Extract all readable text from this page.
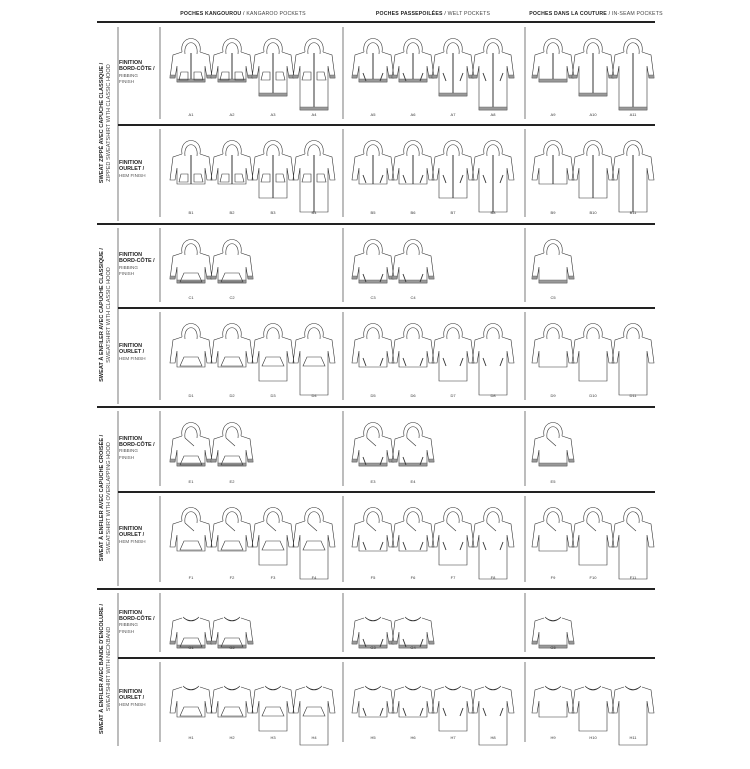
POCHES KANGOUROU / KANGAROO POCKETS	POCHES PASSEPOILÉES / WELT POCKETS	POCHES DANS LA COUTURE / IN-SEAM POCKETS
SWEAT ZIPPÉ AVEC CAPUCHE CLASSIQUE / ZIPPED SWEATSHIRT WITH CLASSIC HOOD
FINITION
BORD-CÔTE /
RIBBING
FINISH
A1	A2	A3	A4	A5	A6	A7	A8	A9	A10	A11
FINITION
OURLET /
HEM FINISH
B1	B2	B3	B4	B5	B6	B7	B8	B9	B10	B11
SWEAT À ENFILER AVEC CAPUCHE CLASSIQUE / SWEATSHIRT WITH CLASSIC HOOD
FINITION
BORD-CÔTE /
RIBBING
FINISH
C1	C2	C3	C4	C5
FINITION
OURLET /
HEM FINISH
D1	D2	D3	D4	D5	D6	D7	D8	D9	D10	D11
SWEAT À ENFILER AVEC CAPUCHE CROISÉE / SWEATSHIRT WITH OVERLAPPING HOOD
FINITION
BORD-CÔTE /
RIBBING
FINISH
E1	E2	E3	E4	E5
FINITION
OURLET /
HEM FINISH
F1	F2	F3	F4	F5	F6	F7	F8	F9	F10	F11
SWEAT À ENFILER AVEC BANDE D'ENCOLURE / SWEATSHIRT WITH NECKBAND
FINITION
BORD-CÔTE /
RIBBING
FINISH
G1	G2	G3	G4	G5
FINITION
OURLET /
HEM FINISH
H1	H2	H3	H4	H5	H6	H7	H8	H9	H10	H11
